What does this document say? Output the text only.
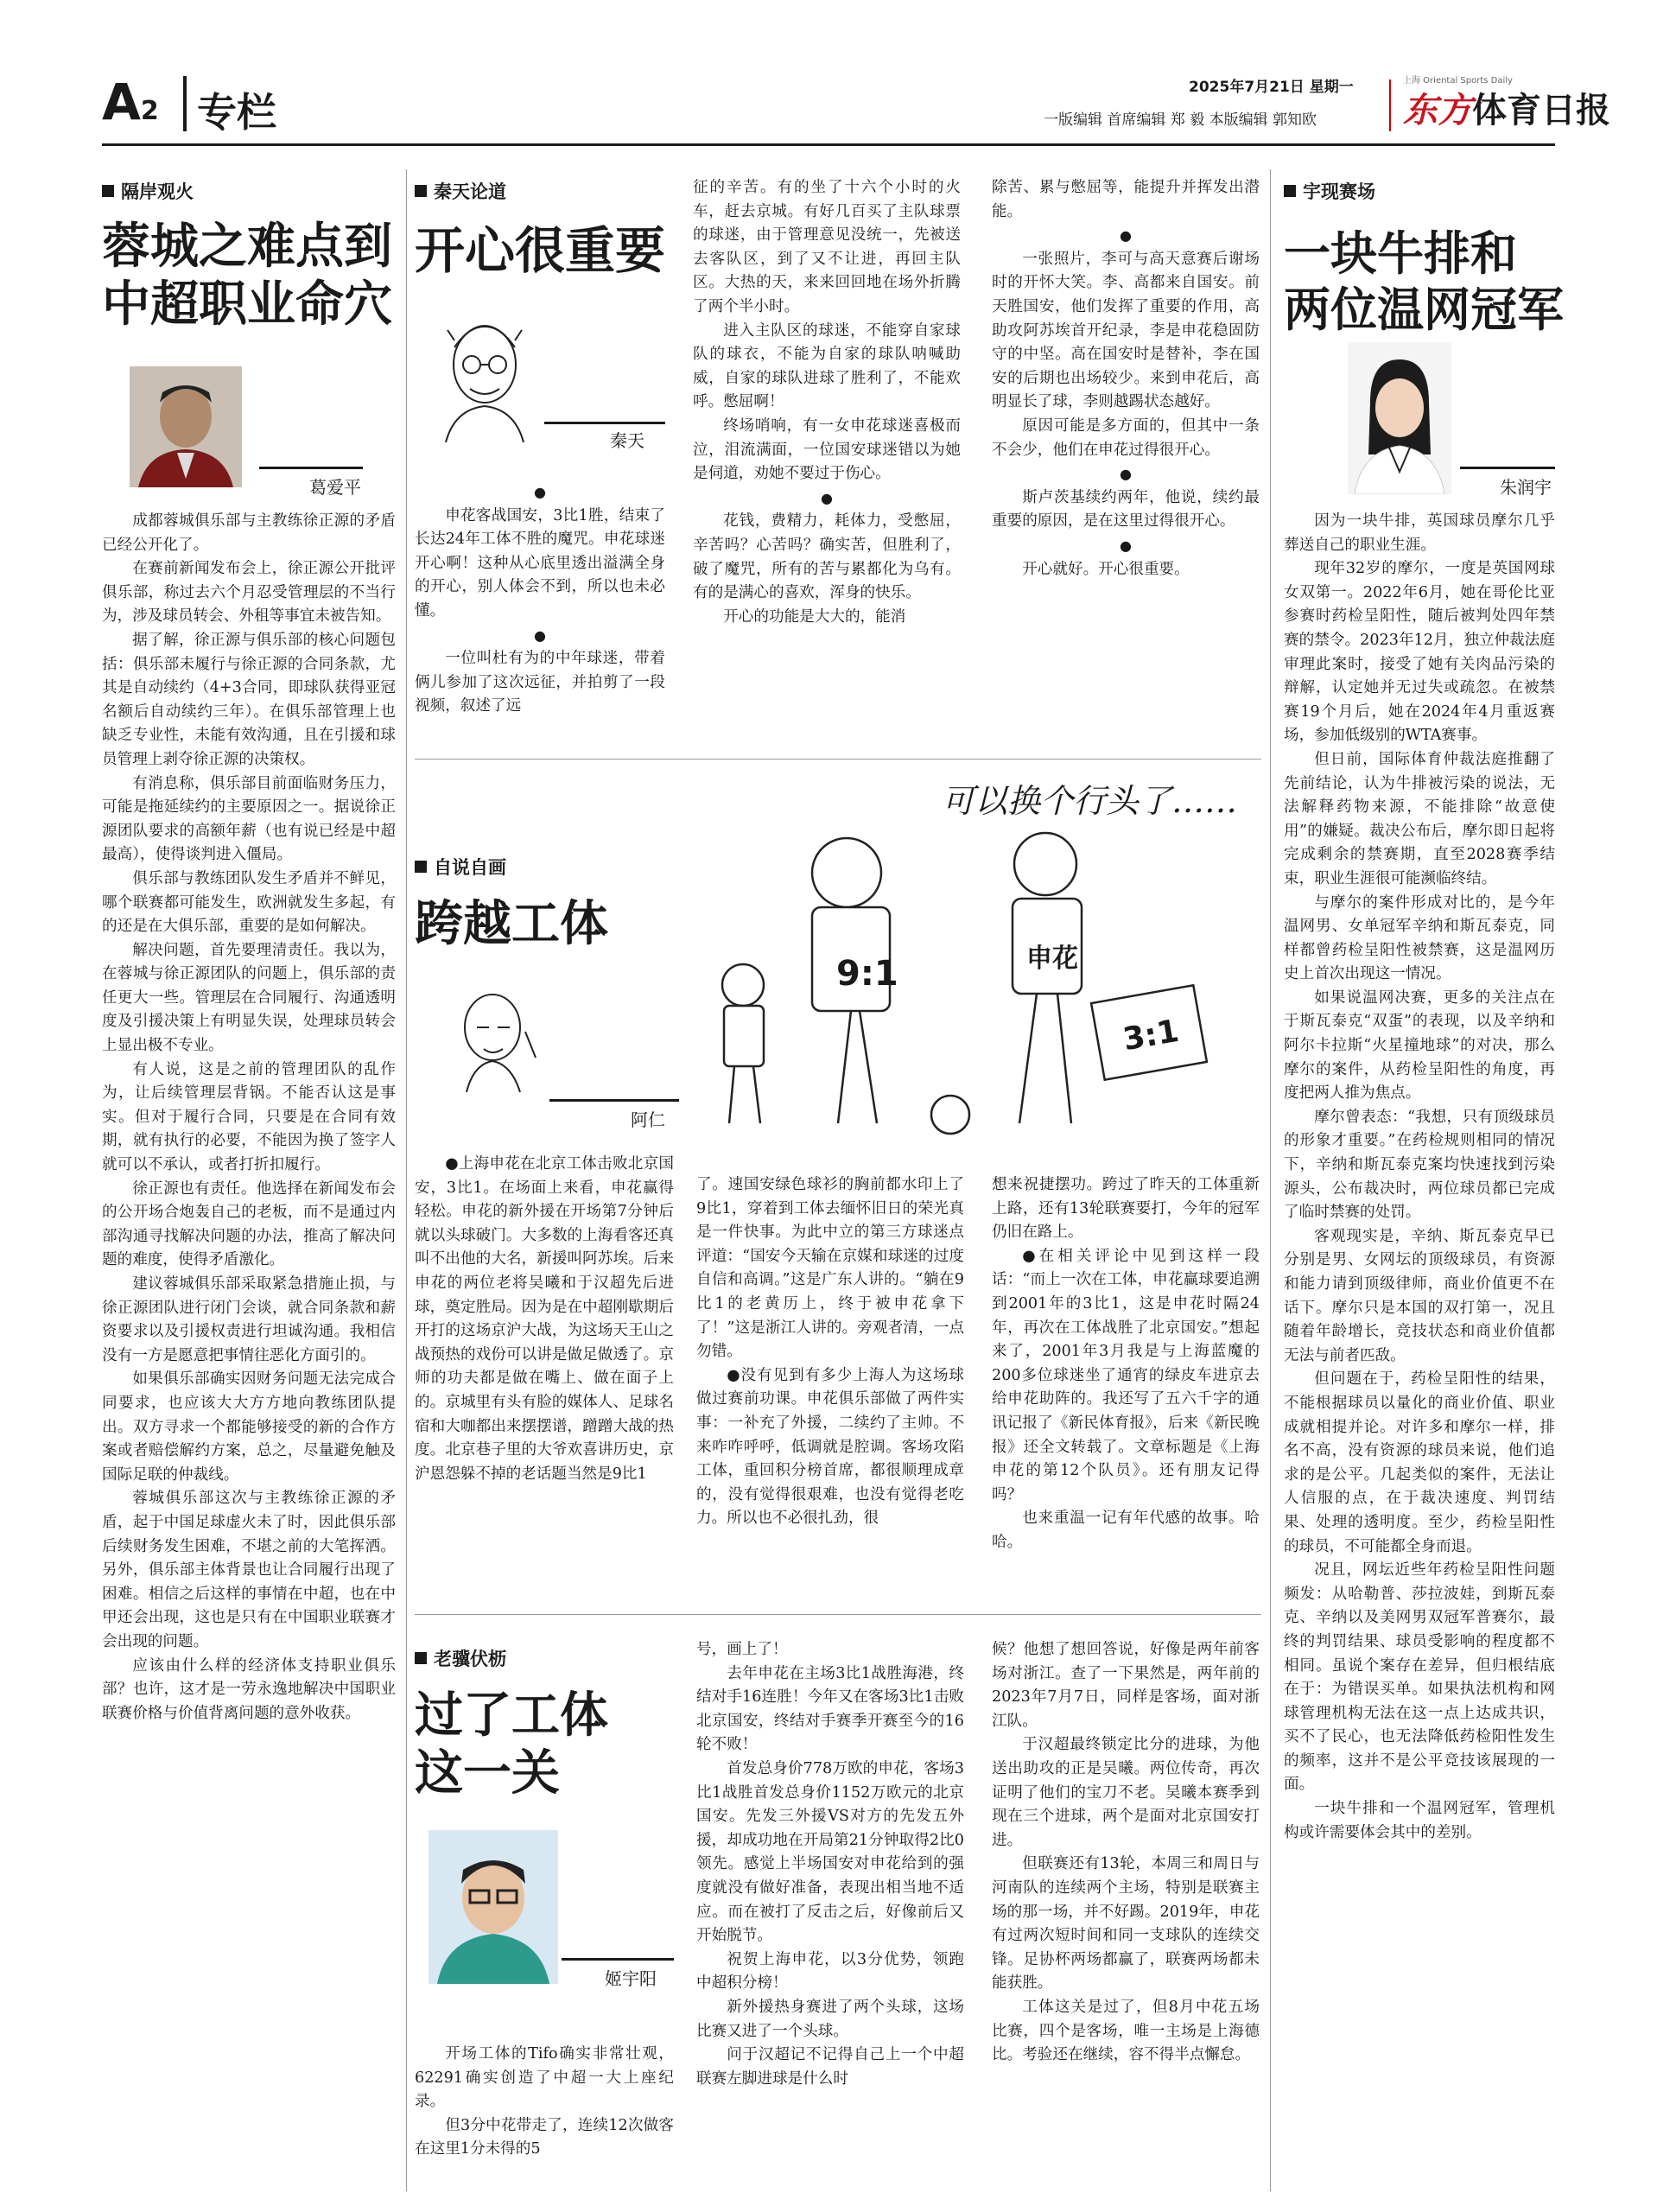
A2 专栏
2025年7月21日 星期一
一版编辑 首席编辑 郑 毅 本版编辑 郭知欧
上海 Oriental Sports Daily
东方体育日报
隔岸观火
蓉城之难点到
中超职业命穴
葛爱平

成都蓉城俱乐部与主教练徐正源的矛盾已经公开化了。

在赛前新闻发布会上，徐正源公开批评俱乐部，称过去六个月忍受管理层的不当行为，涉及球员转会、外租等事宜未被告知。

据了解，徐正源与俱乐部的核心问题包括：俱乐部未履行与徐正源的合同条款，尤其是自动续约（4+3合同，即球队获得亚冠名额后自动续约三年）。在俱乐部管理上也缺乏专业性，未能有效沟通，且在引援和球员管理上剥夺徐正源的决策权。

有消息称，俱乐部目前面临财务压力，可能是拖延续约的主要原因之一。据说徐正源团队要求的高额年薪（也有说已经是中超最高），使得谈判进入僵局。

俱乐部与教练团队发生矛盾并不鲜见，哪个联赛都可能发生，欧洲就发生多起，有的还是在大俱乐部，重要的是如何解决。

解决问题，首先要理清责任。我以为，在蓉城与徐正源团队的问题上，俱乐部的责任更大一些。管理层在合同履行、沟通透明度及引援决策上有明显失误，处理球员转会上显出极不专业。

有人说，这是之前的管理团队的乱作为，让后续管理层背锅。不能否认这是事实。但对于履行合同，只要是在合同有效期，就有执行的必要，不能因为换了签字人就可以不承认，或者打折扣履行。

徐正源也有责任。他选择在新闻发布会的公开场合炮轰自己的老板，而不是通过内部沟通寻找解决问题的办法，推高了解决问题的难度，使得矛盾激化。

建议蓉城俱乐部采取紧急措施止损，与徐正源团队进行闭门会谈，就合同条款和薪资要求以及引援权责进行坦诚沟通。我相信没有一方是愿意把事情往恶化方面引的。

如果俱乐部确实因财务问题无法完成合同要求，也应该大大方方地向教练团队提出。双方寻求一个都能够接受的新的合作方案或者赔偿解约方案，总之，尽量避免触及国际足联的仲裁线。

蓉城俱乐部这次与主教练徐正源的矛盾，起于中国足球虚火未了时，因此俱乐部后续财务发生困难，不堪之前的大笔挥洒。另外，俱乐部主体背景也让合同履行出现了困难。相信之后这样的事情在中超，也在中甲还会出现，这也是只有在中国职业联赛才会出现的问题。

应该由什么样的经济体支持职业俱乐部？也许，这才是一劳永逸地解决中国职业联赛价格与价值背离问题的意外收获。

秦天论道
开心很重要
秦天

●

申花客战国安，3比1胜，结束了长达24年工体不胜的魔咒。申花球迷开心啊！这种从心底里透出溢满全身的开心，别人体会不到，所以也未必懂。

●

一位叫杜有为的中年球迷，带着俩儿参加了这次远征，并拍剪了一段视频，叙述了远

征的辛苦。有的坐了十六个小时的火车，赶去京城。有好几百买了主队球票的球迷，由于管理意见没统一，先被送去客队区，到了又不让进，再回主队区。大热的天，来来回回地在场外折腾了两个半小时。

进入主队区的球迷，不能穿自家球队的球衣，不能为自家的球队呐喊助威，自家的球队进球了胜利了，不能欢呼。憋屈啊！

终场哨响，有一女申花球迷喜极而泣，泪流满面，一位国安球迷错以为她是伺道，劝她不要过于伤心。

●

花钱，费精力，耗体力，受憋屈，辛苦吗？心苦吗？确实苦，但胜利了，破了魔咒，所有的苦与累都化为乌有。有的是满心的喜欢，浑身的快乐。

开心的功能是大大的，能消

除苦、累与憋屈等，能提升并挥发出潜能。

●

一张照片，李可与高天意赛后谢场时的开怀大笑。李、高都来自国安。前天胜国安，他们发挥了重要的作用，高助攻阿苏埃首开纪录，李是申花稳固防守的中坚。高在国安时是替补，李在国安的后期也出场较少。来到申花后，高明显长了球，李则越踢状态越好。

原因可能是多方面的，但其中一条不会少，他们在申花过得很开心。

●

斯卢茨基续约两年，他说，续约最重要的原因，是在这里过得很开心。

●

开心就好。开心很重要。

可以换个行头了……
9:1	申花
3:1
自说自画
跨越工体
阿仁

●上海申花在北京工体击败北京国安，3比1。在场面上来看，申花赢得轻松。申花的新外援在开场第7分钟后就以头球破门。大多数的上海看客还真叫不出他的大名，新援叫阿苏埃。后来申花的两位老将吴曦和于汉超先后进球，奠定胜局。因为是在中超刚歇期后开打的这场京沪大战，为这场天王山之战预热的戏份可以讲是做足做透了。京师的功夫都是做在嘴上、做在面子上的。京城里有头有脸的媒体人、足球名宿和大咖都出来摆摆谱，蹭蹭大战的热度。北京巷子里的大爷欢喜讲历史，京沪恩怨躲不掉的老话题当然是9比1

了。速国安绿色球衫的胸前都水印上了9比1，穿着到工体去缅怀旧日的荣光真是一件快事。为此中立的第三方球迷点评道：“国安今天输在京媒和球迷的过度自信和高调。”这是广东人讲的。“躺在9比1的老黄历上，终于被申花拿下了！”这是浙江人讲的。旁观者清，一点勿错。

●没有见到有多少上海人为这场球做过赛前功课。申花俱乐部做了两件实事：一补充了外援，二续约了主帅。不来咋咋呼呼，低调就是腔调。客场攻陷工体，重回积分榜首席，都很顺理成章的，没有觉得很艰难，也没有觉得老吃力。所以也不必很扎劲，很

想来祝捷摆功。跨过了昨天的工体重新上路，还有13轮联赛要打，今年的冠军仍旧在路上。

●在相关评论中见到这样一段话：“而上一次在工体，申花赢球要追溯到2001年的3比1，这是申花时隔24年，再次在工体战胜了北京国安。”想起来了，2001年3月我是与上海蓝魔的200多位球迷坐了通宵的绿皮车进京去给申花助阵的。我还写了五六千字的通讯记报了《新民体育报》，后来《新民晚报》还全文转载了。文章标题是《上海申花的第12个队员》。还有朋友记得吗？

也来重温一记有年代感的故事。哈哈。

老骥伏枥
过了工体
这一关
姬宇阳

开场工体的Tifo确实非常壮观，62291确实创造了中超一大上座纪录。

但3分中花带走了，连续12次做客在这里1分未得的5

号，画上了！

去年申花在主场3比1战胜海港，终结对手16连胜！今年又在客场3比1击败北京国安，终结对手赛季开赛至今的16轮不败！

首发总身价778万欧的申花，客场3比1战胜首发总身价1152万欧元的北京国安。先发三外援VS对方的先发五外援，却成功地在开局第21分钟取得2比0领先。感觉上半场国安对申花给到的强度就没有做好准备，表现出相当地不适应。而在被打了反击之后，好像前后又开始脱节。

祝贺上海申花，以3分优势，领跑中超积分榜！

新外援热身赛进了两个头球，这场比赛又进了一个头球。

问于汉超记不记得自己上一个中超联赛左脚进球是什么时

候？他想了想回答说，好像是两年前客场对浙江。查了一下果然是，两年前的2023年7月7日，同样是客场，面对浙江队。

于汉超最终锁定比分的进球，为他送出助攻的正是吴曦。两位传奇，再次证明了他们的宝刀不老。吴曦本赛季到现在三个进球，两个是面对北京国安打进。

但联赛还有13轮，本周三和周日与河南队的连续两个主场，特别是联赛主场的那一场，并不好踢。2019年，申花有过两次短时间和同一支球队的连续交锋。足协杯两场都赢了，联赛两场都未能获胜。

工体这关是过了，但8月中花五场比赛，四个是客场，唯一主场是上海德比。考验还在继续，容不得半点懈怠。

宇现赛场
一块牛排和
两位温网冠军
朱润宇

因为一块牛排，英国球员摩尔几乎葬送自己的职业生涯。

现年32岁的摩尔，一度是英国网球女双第一。2022年6月，她在哥伦比亚参赛时药检呈阳性，随后被判处四年禁赛的禁令。2023年12月，独立仲裁法庭审理此案时，接受了她有关肉品污染的辩解，认定她并无过失或疏忽。在被禁赛19个月后，她在2024年4月重返赛场，参加低级别的WTA赛事。

但日前，国际体育仲裁法庭推翻了先前结论，认为牛排被污染的说法，无法解释药物来源，不能排除“故意使用”的嫌疑。裁决公布后，摩尔即日起将完成剩余的禁赛期，直至2028赛季结束，职业生涯很可能濒临终结。

与摩尔的案件形成对比的，是今年温网男、女单冠军辛纳和斯瓦泰克，同样都曾药检呈阳性被禁赛，这是温网历史上首次出现这一情况。

如果说温网决赛，更多的关注点在于斯瓦泰克“双蛋”的表现，以及辛纳和阿尔卡拉斯“火星撞地球”的对决，那么摩尔的案件，从药检呈阳性的角度，再度把两人推为焦点。

摩尔曾表态：“我想，只有顶级球员的形象才重要。”在药检规则相同的情况下，辛纳和斯瓦泰克案均快速找到污染源头，公布裁决时，两位球员都已完成了临时禁赛的处罚。

客观现实是，辛纳、斯瓦泰克早已分别是男、女网坛的顶级球员，有资源和能力请到顶级律师，商业价值更不在话下。摩尔只是本国的双打第一，况且随着年龄增长，竞技状态和商业价值都无法与前者匹敌。

但问题在于，药检呈阳性的结果，不能根据球员以量化的商业价值、职业成就相提并论。对许多和摩尔一样，排名不高，没有资源的球员来说，他们追求的是公平。几起类似的案件，无法让人信服的点，在于裁决速度、判罚结果、处理的透明度。至少，药检呈阳性的球员，不可能都全身而退。

况且，网坛近些年药检呈阳性问题频发：从哈勒普、莎拉波娃，到斯瓦泰克、辛纳以及美网男双冠军普赛尔，最终的判罚结果、球员受影响的程度都不相同。虽说个案存在差异，但归根结底在于：为错误买单。如果执法机构和网球管理机构无法在这一点上达成共识，买不了民心，也无法降低药检阳性发生的频率，这并不是公平竞技该展现的一面。

一块牛排和一个温网冠军，管理机构或许需要体会其中的差别。
